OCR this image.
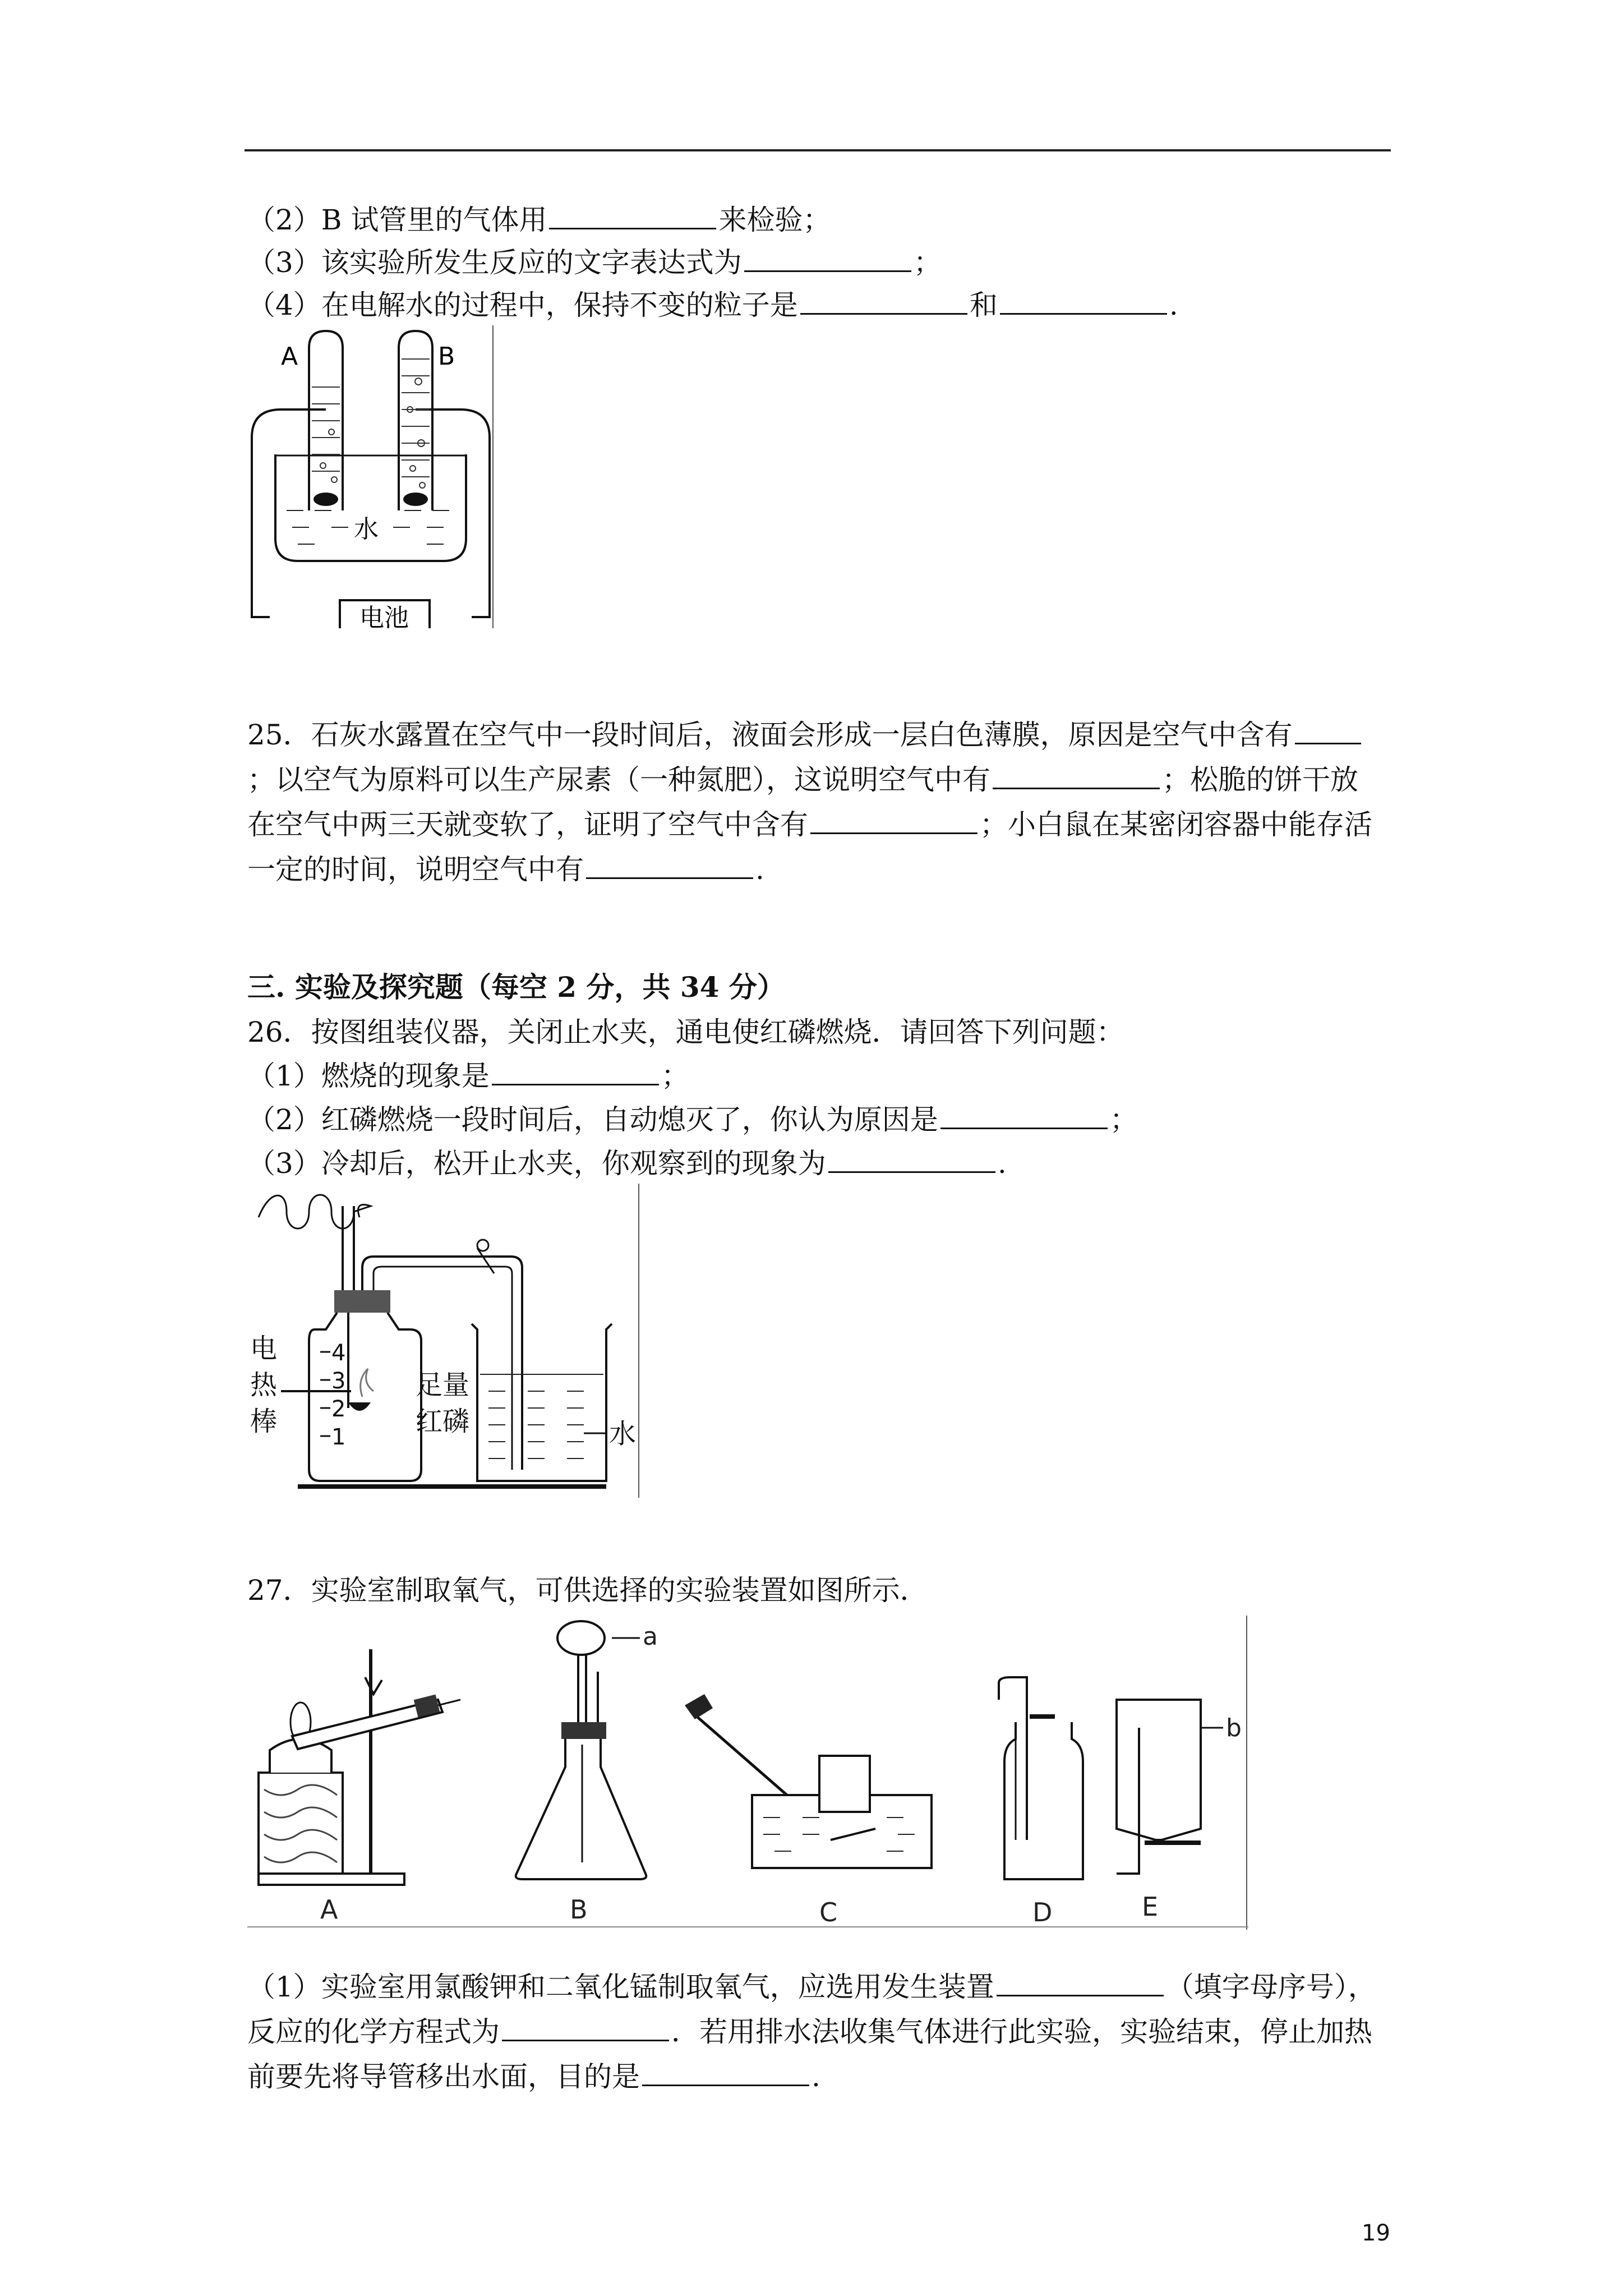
（2）B 试管里的气体用	来检验；
（3）该实验所发生反应的文字表达式为	；
（4）在电解水的过程中，保持不变的粒子是	和	.
A	B
水
电池
25．石灰水露置在空气中一段时间后，液面会形成一层白色薄膜，原因是空气中含有
；以空气为原料可以生产尿素（一种氮肥），这说明空气中有	；松脆的饼干放
在空气中两三天就变软了，证明了空气中含有	；小白鼠在某密闭容器中能存活
一定的时间，说明空气中有	.
三. 实验及探究题（每空 2 分，共 34 分）
26．按图组装仪器，关闭止水夹，通电使红磷燃烧．请回答下列问题：
（1）燃烧的现象是	；
（2）红磷燃烧一段时间后，自动熄灭了，你认为原因是	；
（3）冷却后，松开止水夹，你观察到的现象为	.
4
3
2
1
电
热
棒
足量
红磷	水
27．实验室制取氧气，可供选择的实验装置如图所示．
A
a
B	C	D
b
E
（1）实验室用氯酸钾和二氧化锰制取氧气，应选用发生装置	（填字母序号），
反应的化学方程式为	．若用排水法收集气体进行此实验，实验结束，停止加热
前要先将导管移出水面，目的是	.
19
